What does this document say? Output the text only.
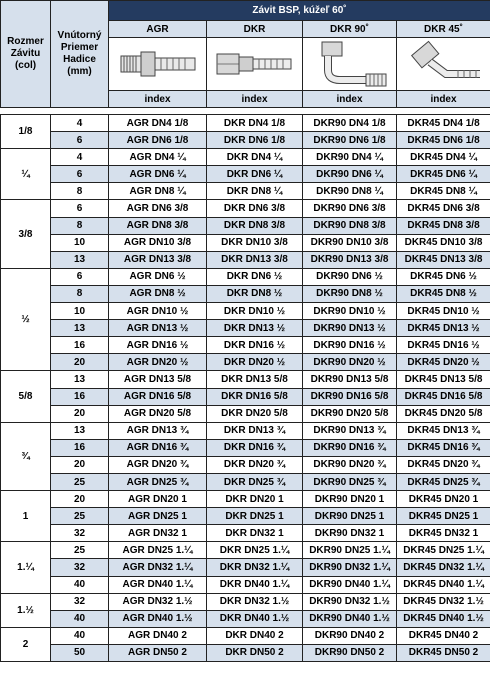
Rozmer Závitu (col)	Vnútorný Priemer Hadice (mm)	Závit BSP, kúžeľ 60˚			
		AGR	DKR	DKR 90˚	DKR 45˚

		index	index	index	index

1/8	4	AGR DN4 1/8	DKR DN4 1/8	DKR90 DN4 1/8	DKR45 DN4 1/8
	6	AGR DN6 1/8	DKR DN6 1/8	DKR90 DN6 1/8	DKR45 DN6 1/8
¼	4	AGR DN4 ¼	DKR DN4 ¼	DKR90 DN4 ¼	DKR45 DN4 ¼
	6	AGR DN6 ¼	DKR DN6 ¼	DKR90 DN6 ¼	DKR45 DN6 ¼
	8	AGR DN8 ¼	DKR DN8 ¼	DKR90 DN8 ¼	DKR45 DN8 ¼
3/8	6	AGR DN6 3/8	DKR DN6 3/8	DKR90 DN6 3/8	DKR45 DN6 3/8
	8	AGR DN8 3/8	DKR DN8 3/8	DKR90 DN8 3/8	DKR45 DN8 3/8
	10	AGR DN10 3/8	DKR DN10 3/8	DKR90 DN10 3/8	DKR45 DN10 3/8
	13	AGR DN13 3/8	DKR DN13 3/8	DKR90 DN13 3/8	DKR45 DN13 3/8
½	6	AGR DN6 ½	DKR DN6 ½	DKR90 DN6 ½	DKR45 DN6 ½
	8	AGR DN8 ½	DKR DN8 ½	DKR90 DN8 ½	DKR45 DN8 ½
	10	AGR DN10 ½	DKR DN10 ½	DKR90 DN10 ½	DKR45 DN10 ½
	13	AGR DN13 ½	DKR DN13 ½	DKR90 DN13 ½	DKR45 DN13 ½
	16	AGR DN16 ½	DKR DN16 ½	DKR90 DN16 ½	DKR45 DN16 ½
	20	AGR DN20 ½	DKR DN20 ½	DKR90 DN20 ½	DKR45 DN20 ½
5/8	13	AGR DN13 5/8	DKR DN13 5/8	DKR90 DN13 5/8	DKR45 DN13 5/8
	16	AGR DN16 5/8	DKR DN16 5/8	DKR90 DN16 5/8	DKR45 DN16 5/8
	20	AGR DN20 5/8	DKR DN20 5/8	DKR90 DN20 5/8	DKR45 DN20 5/8
¾	13	AGR DN13 ¾	DKR DN13 ¾	DKR90 DN13 ¾	DKR45 DN13 ¾
	16	AGR DN16 ¾	DKR DN16 ¾	DKR90 DN16 ¾	DKR45 DN16 ¾
	20	AGR DN20 ¾	DKR DN20 ¾	DKR90 DN20 ¾	DKR45 DN20 ¾
	25	AGR DN25 ¾	DKR DN25 ¾	DKR90 DN25 ¾	DKR45 DN25 ¾
1	20	AGR DN20 1	DKR DN20 1	DKR90 DN20 1	DKR45 DN20 1
	25	AGR DN25 1	DKR DN25 1	DKR90 DN25 1	DKR45 DN25 1
	32	AGR DN32 1	DKR DN32 1	DKR90 DN32 1	DKR45 DN32 1
1.¼	25	AGR DN25 1.¼	DKR DN25 1.¼	DKR90 DN25 1.¼	DKR45 DN25 1.¼
	32	AGR DN32 1.¼	DKR DN32 1.¼	DKR90 DN32 1.¼	DKR45 DN32 1.¼
	40	AGR DN40 1.¼	DKR DN40 1.¼	DKR90 DN40 1.¼	DKR45 DN40 1.¼
1.½	32	AGR DN32 1.½	DKR DN32 1.½	DKR90 DN32 1.½	DKR45 DN32 1.½
	40	AGR DN40 1.½	DKR DN40 1.½	DKR90 DN40 1.½	DKR45 DN40 1.½
2	40	AGR DN40 2	DKR DN40 2	DKR90 DN40 2	DKR45 DN40 2
	50	AGR DN50 2	DKR DN50 2	DKR90 DN50 2	DKR45 DN50 2
